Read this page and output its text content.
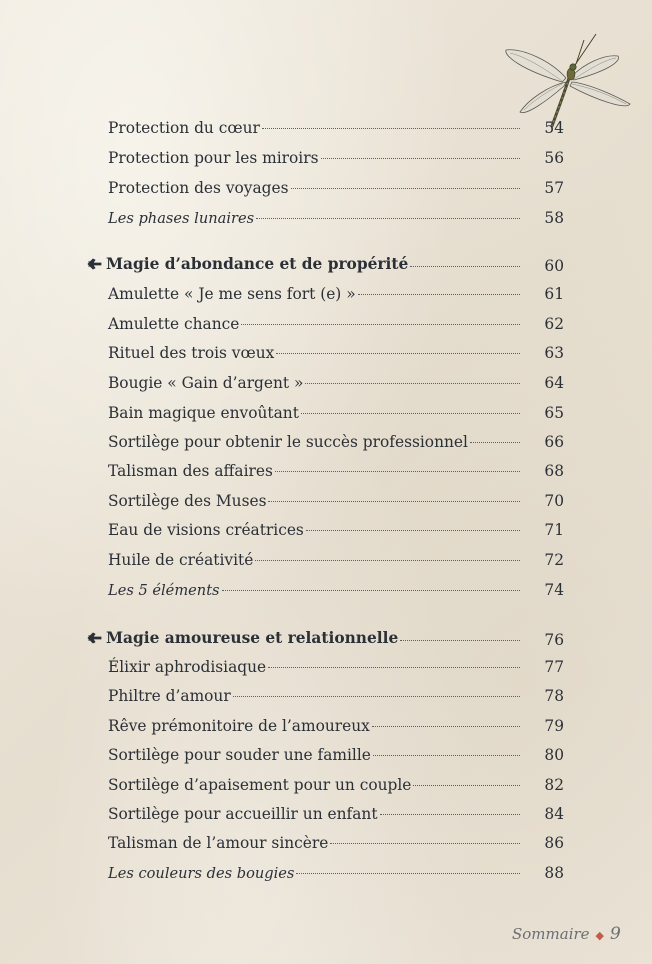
Protection du cœur	54
Protection pour les miroirs	56
Protection des voyages	57
Les phases lunaires	58
Magie d’abondance et de propérité	60
Amulette « Je me sens fort (e) »	61
Amulette chance	62
Rituel des trois vœux	63
Bougie « Gain d’argent »	64
Bain magique envoûtant	65
Sortilège pour obtenir le succès professionnel	66
Talisman des affaires	68
Sortilège des Muses	70
Eau de visions créatrices	71
Huile de créativité	72
Les 5 éléments	74
Magie amoureuse et relationnelle	76
Élixir aphrodisiaque	77
Philtre d’amour	78
Rêve prémonitoire de l’amoureux	79
Sortilège pour souder une famille	80
Sortilège d’apaisement pour un couple	82
Sortilège pour accueillir un enfant	84
Talisman de l’amour sincère	86
Les couleurs des bougies	88
Sommaire ◆ 9
